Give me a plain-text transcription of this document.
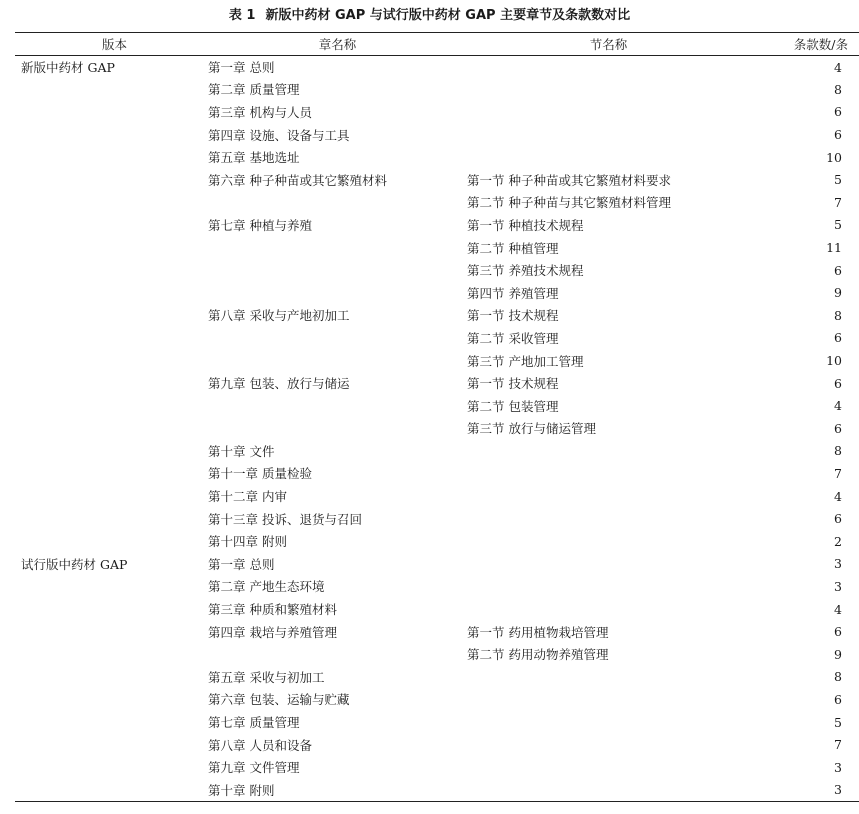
表 1 新版中药材 GAP 与试行版中药材 GAP 主要章节及条款数对比
版本	章名称	节名称	条款数/条
新版中药材 GAP	第一章 总则		4
	第二章 质量管理		8
	第三章 机构与人员		6
	第四章 设施、设备与工具		6
	第五章 基地选址		10
	第六章 种子种苗或其它繁殖材料	第一节 种子种苗或其它繁殖材料要求	5
		第二节 种子种苗与其它繁殖材料管理	7
	第七章 种植与养殖	第一节 种植技术规程	5
		第二节 种植管理	11
		第三节 养殖技术规程	6
		第四节 养殖管理	9
	第八章 采收与产地初加工	第一节 技术规程	8
		第二节 采收管理	6
		第三节 产地加工管理	10
	第九章 包装、放行与储运	第一节 技术规程	6
		第二节 包装管理	4
		第三节 放行与储运管理	6
	第十章 文件		8
	第十一章 质量检验		7
	第十二章 内审		4
	第十三章 投诉、退货与召回		6
	第十四章 附则		2
试行版中药材 GAP	第一章 总则		3
	第二章 产地生态环境		3
	第三章 种质和繁殖材料		4
	第四章 栽培与养殖管理	第一节 药用植物栽培管理	6
		第二节 药用动物养殖管理	9
	第五章 采收与初加工		8
	第六章 包装、运输与贮藏		6
	第七章 质量管理		5
	第八章 人员和设备		7
	第九章 文件管理		3
	第十章 附则		3
